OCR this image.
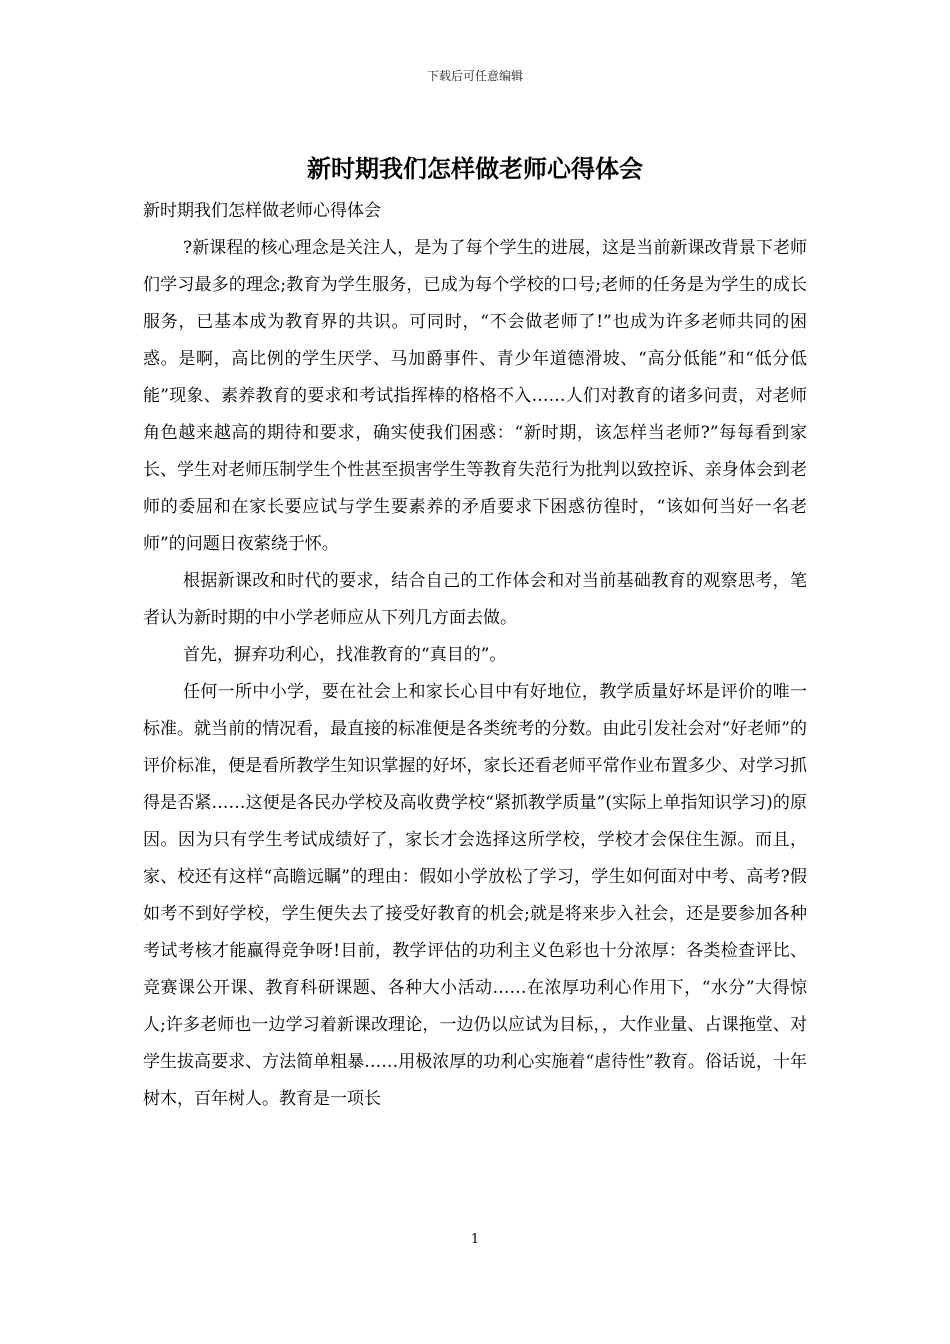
下载后可任意编辑
新时期我们怎样做老师心得体会

新时期我们怎样做老师心得体会

?新课程的核心理念是关注人，是为了每个学生的进展，这是当前新课改背景下老师们学习最多的理念;教育为学生服务，已成为每个学校的口号;老师的任务是为学生的成长服务，已基本成为教育界的共识。可同时，“不会做老师了!”也成为许多老师共同的困惑。是啊，高比例的学生厌学、马加爵事件、青少年道德滑坡、“高分低能”和“低分低能”现象、素养教育的要求和考试指挥棒的格格不入……人们对教育的诸多问责，对老师角色越来越高的期待和要求，确实使我们困惑：“新时期，该怎样当老师?”每每看到家长、学生对老师压制学生个性甚至损害学生等教育失范行为批判以致控诉、亲身体会到老师的委屈和在家长要应试与学生要素养的矛盾要求下困惑彷徨时，“该如何当好一名老师”的问题日夜萦绕于怀。

根据新课改和时代的要求，结合自己的工作体会和对当前基础教育的观察思考，笔者认为新时期的中小学老师应从下列几方面去做。

首先，摒弃功利心，找准教育的“真目的”。

任何一所中小学，要在社会上和家长心目中有好地位，教学质量好坏是评价的唯一标准。就当前的情况看，最直接的标准便是各类统考的分数。由此引发社会对“好老师”的评价标准，便是看所教学生知识掌握的好坏，家长还看老师平常作业布置多少、对学习抓得是否紧……这便是各民办学校及高收费学校“紧抓教学质量”(实际上单指知识学习)的原因。因为只有学生考试成绩好了，家长才会选择这所学校，学校才会保住生源。而且，家、校还有这样“高瞻远瞩”的理由：假如小学放松了学习，学生如何面对中考、高考?假如考不到好学校，学生便失去了接受好教育的机会;就是将来步入社会，还是要参加各种考试考核才能赢得竞争呀!目前，教学评估的功利主义色彩也十分浓厚：各类检查评比、竞赛课公开课、教育科研课题、各种大小活动……在浓厚功利心作用下，“水分”大得惊人;许多老师也一边学习着新课改理论，一边仍以应试为目标，，大作业量、占课拖堂、对学生拔高要求、方法简单粗暴……用极浓厚的功利心实施着“虐待性”教育。俗话说，十年树木，百年树人。教育是一项长

1
